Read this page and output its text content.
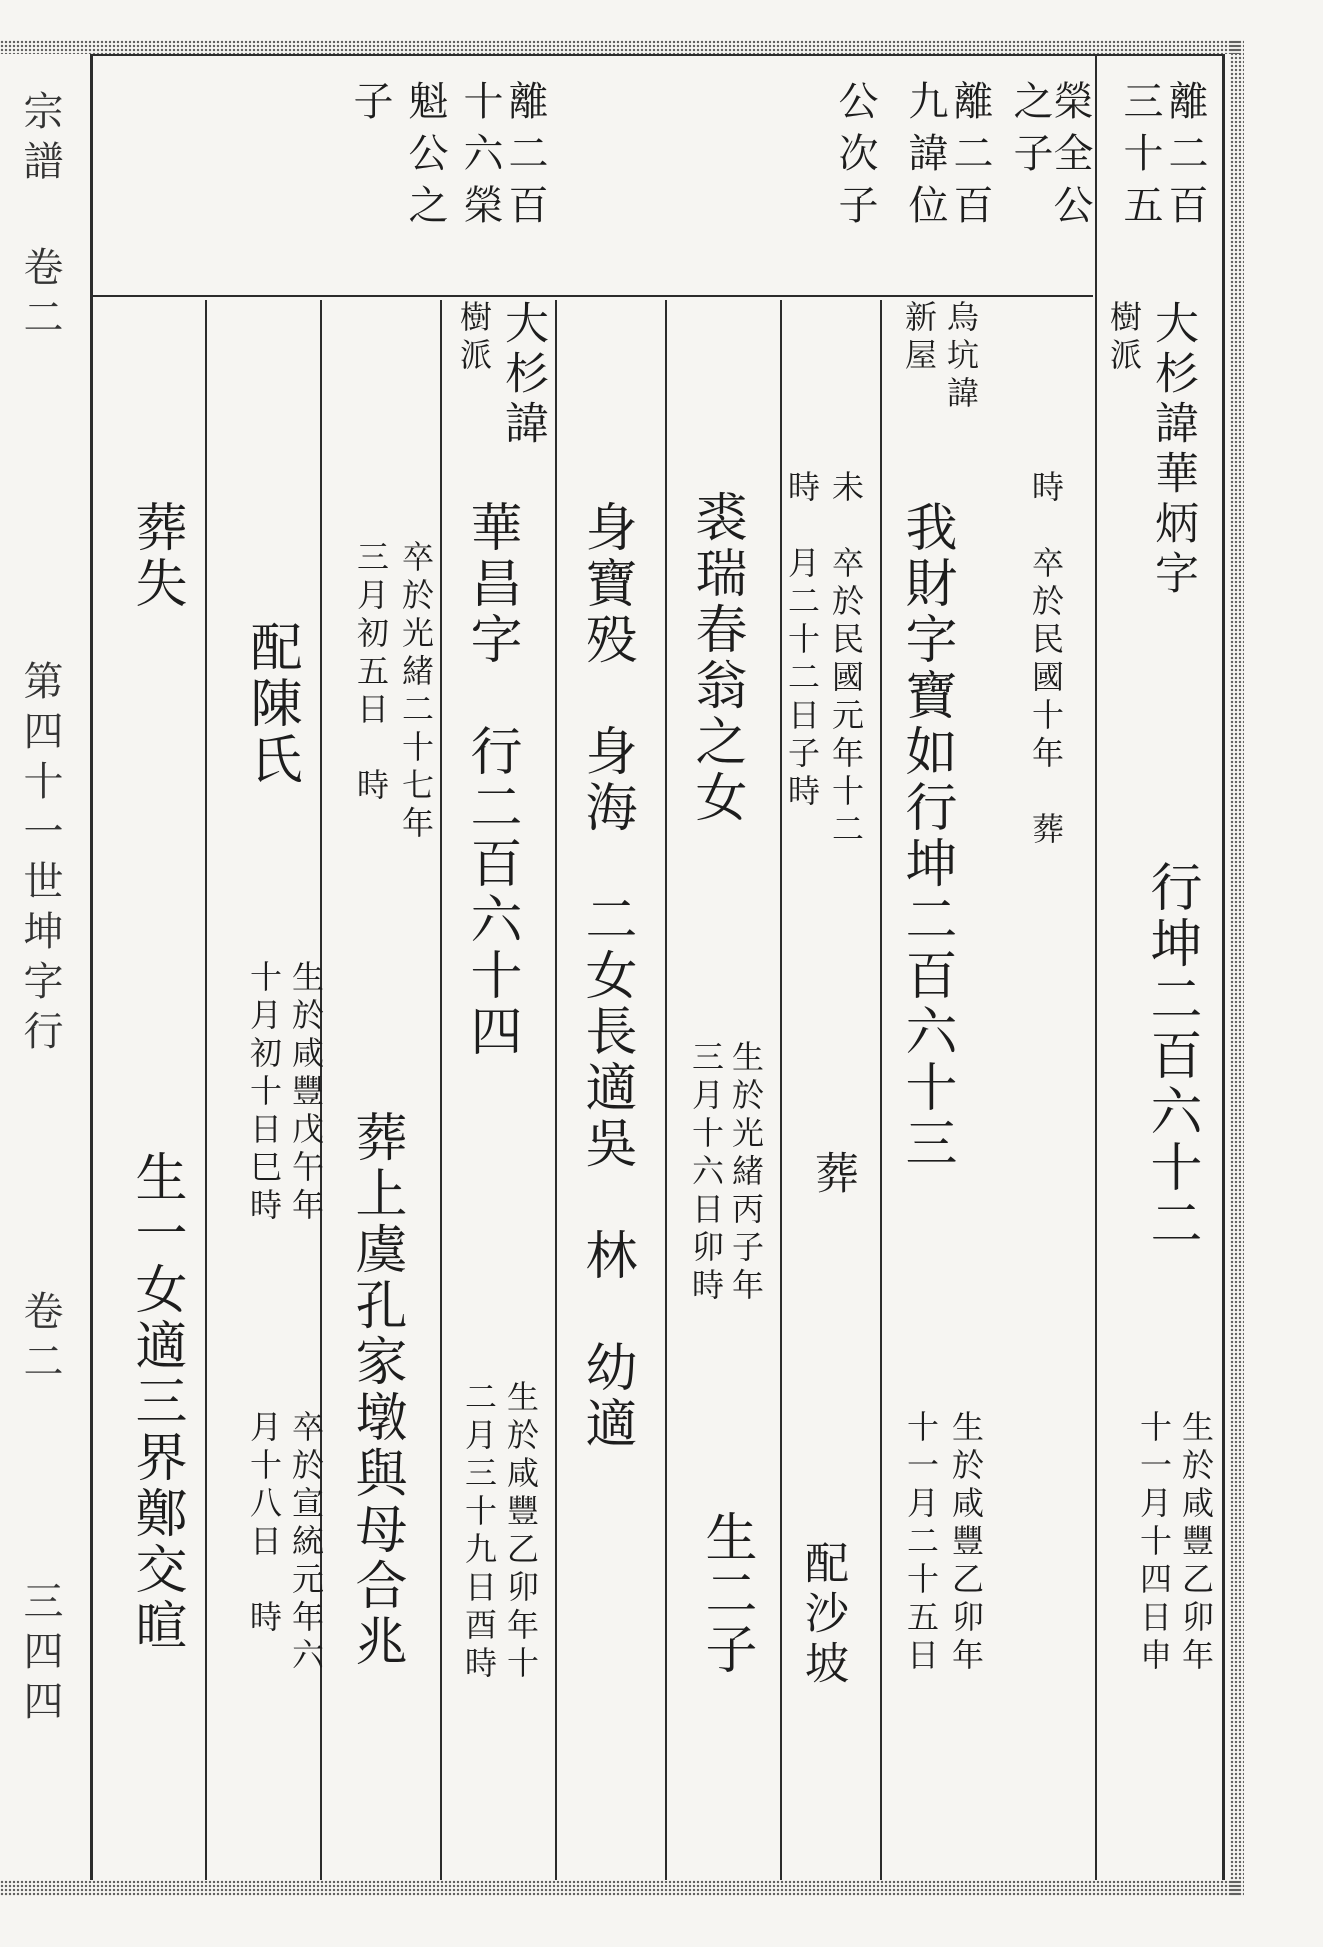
宗譜 卷二
第四十一世坤字行
卷二
三四四
離二百
三十五
榮全公
之子
離二百
九諱位
公次子
離二百
十六榮
魁公之
子
大杉諱華炳字
樹派
行坤二百六十二
生於咸豐乙卯年
十一月十四日申
時　卒於民國十年　葬
烏坑諱
新屋
我財字寶如行坤二百六十三
生於咸豐乙卯年
十一月二十五日
未　卒於民國元年十二
時　月二十二日子時
葬
配沙坡
裘瑞春翁之女
生於光緒丙子年
三月十六日卯時
生二子
身寶殁　身海　二女長適吳　林　幼適
大杉諱
樹派
華昌字　行二百六十四
生於咸豐乙卯年十
二月三十九日酉時
卒於光緒二十七年
三月初五日　時
葬上虞孔家墩與母合兆
配陳氏
生於咸豐戊午年
十月初十日巳時
卒於宣統元年六
月十八日　時
葬失
生一女適三界鄭交暄
